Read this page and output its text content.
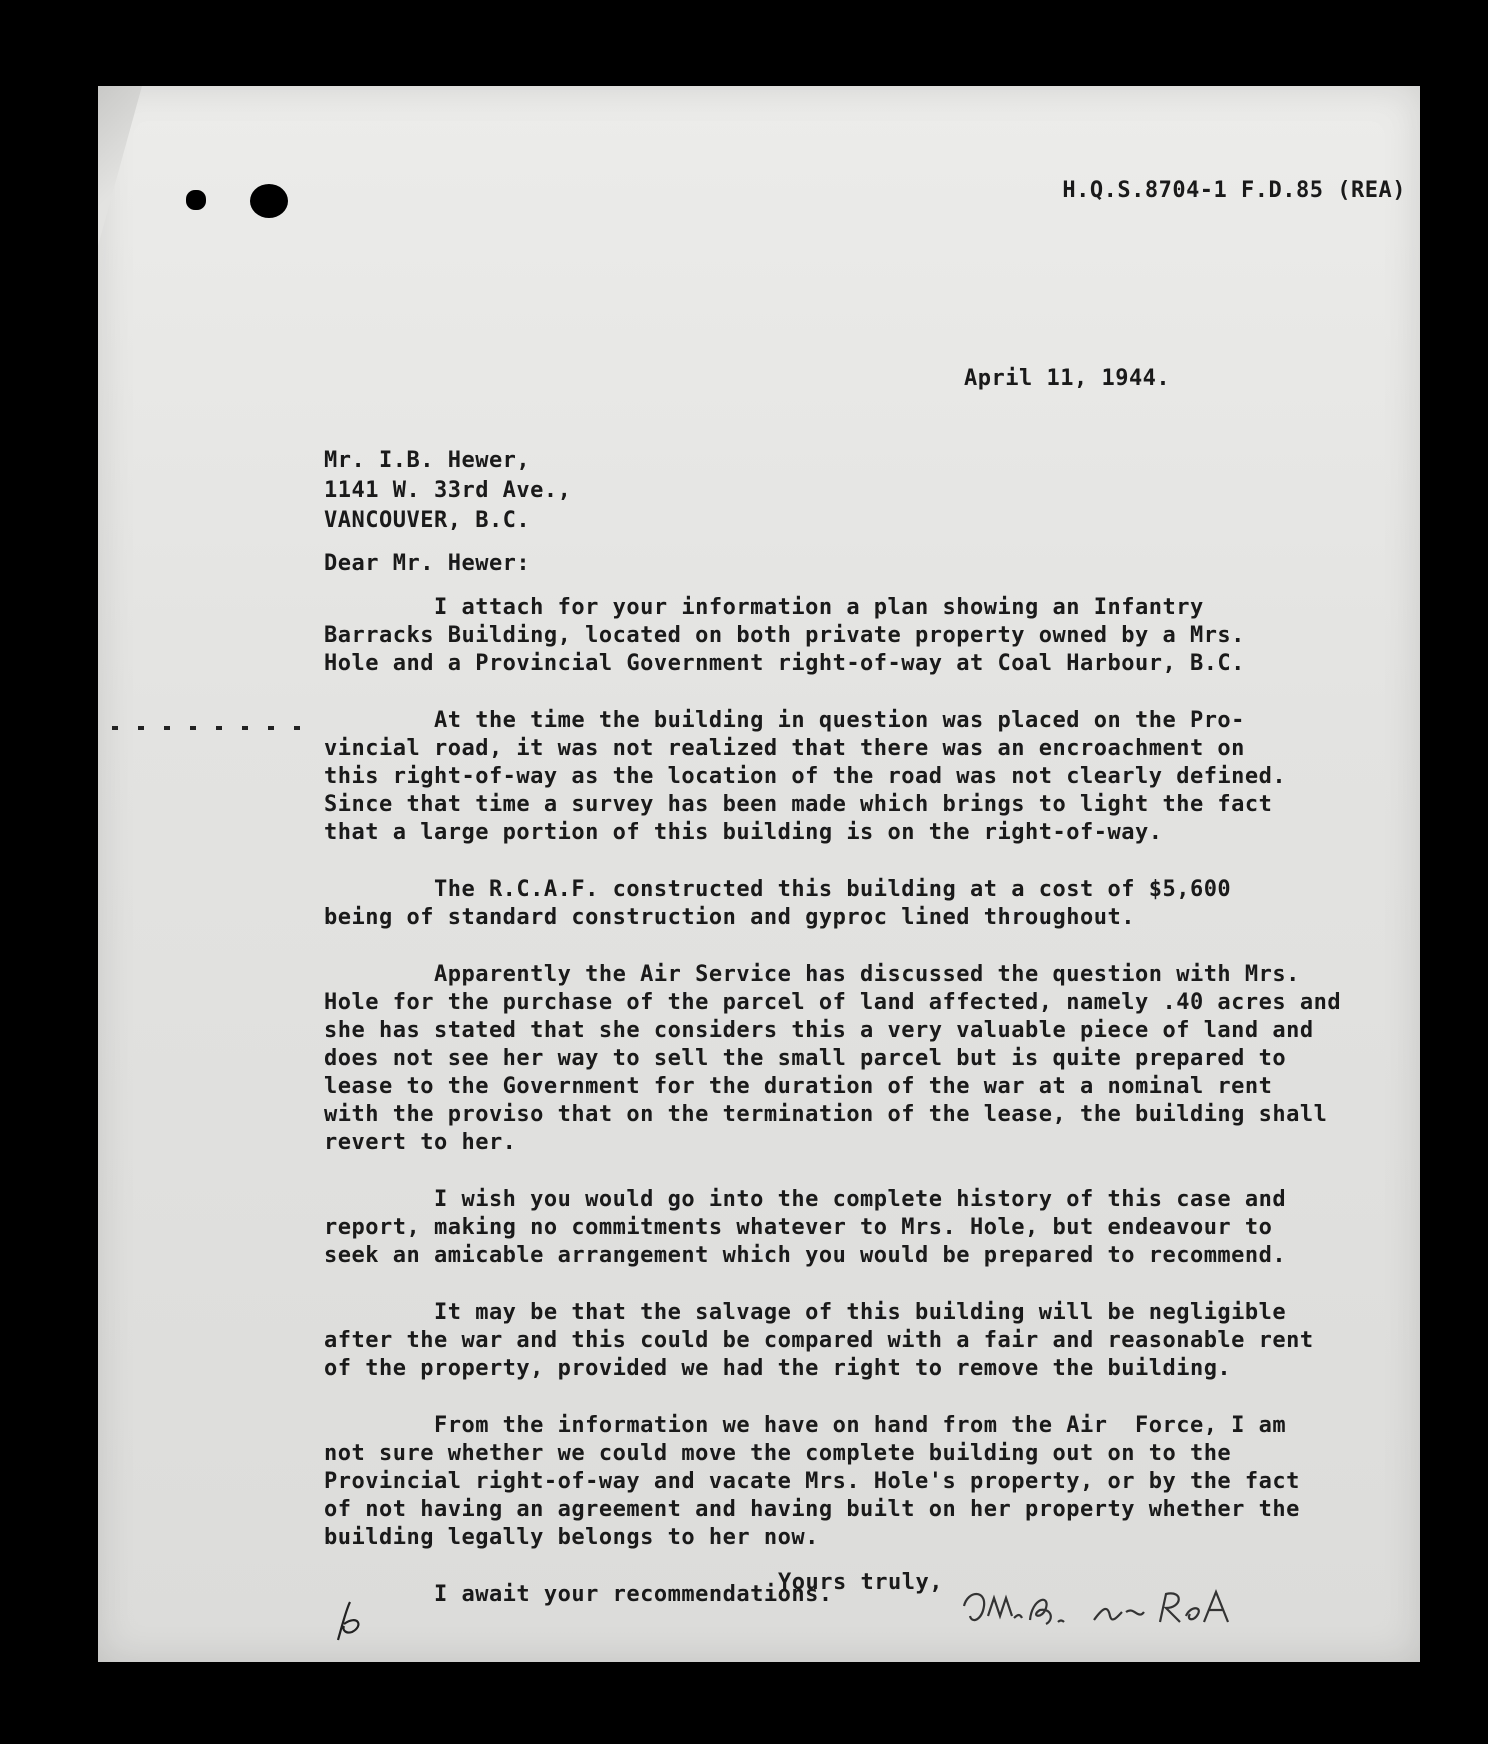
H.Q.S.8704-1 F.D.85 (REA)
April 11, 1944.
Mr. I.B. Hewer,
1141 W. 33rd Ave.,
VANCOUVER, B.C.
Dear Mr. Hewer:
I attach for your information a plan showing an Infantry
Barracks Building, located on both private property owned by a Mrs.
Hole and a Provincial Government right-of-way at Coal Harbour, B.C.
At the time the building in question was placed on the Pro-
vincial road, it was not realized that there was an encroachment on
this right-of-way as the location of the road was not clearly defined.
Since that time a survey has been made which brings to light the fact
that a large portion of this building is on the right-of-way.
The R.C.A.F. constructed this building at a cost of $5,600
being of standard construction and gyproc lined throughout.
Apparently the Air Service has discussed the question with Mrs.
Hole for the purchase of the parcel of land affected, namely .40 acres and
she has stated that she considers this a very valuable piece of land and
does not see her way to sell the small parcel but is quite prepared to
lease to the Government for the duration of the war at a nominal rent
with the proviso that on the termination of the lease, the building shall
revert to her.
I wish you would go into the complete history of this case and
report, making no commitments whatever to Mrs. Hole, but endeavour to
seek an amicable arrangement which you would be prepared to recommend.
It may be that the salvage of this building will be negligible
after the war and this could be compared with a fair and reasonable rent
of the property, provided we had the right to remove the building.
From the information we have on hand from the Air  Force, I am
not sure whether we could move the complete building out on to the
Provincial right-of-way and vacate Mrs. Hole's property, or by the fact
of not having an agreement and having built on her property whether the
building legally belongs to her now.
I await your recommendations.
Yours truly,
